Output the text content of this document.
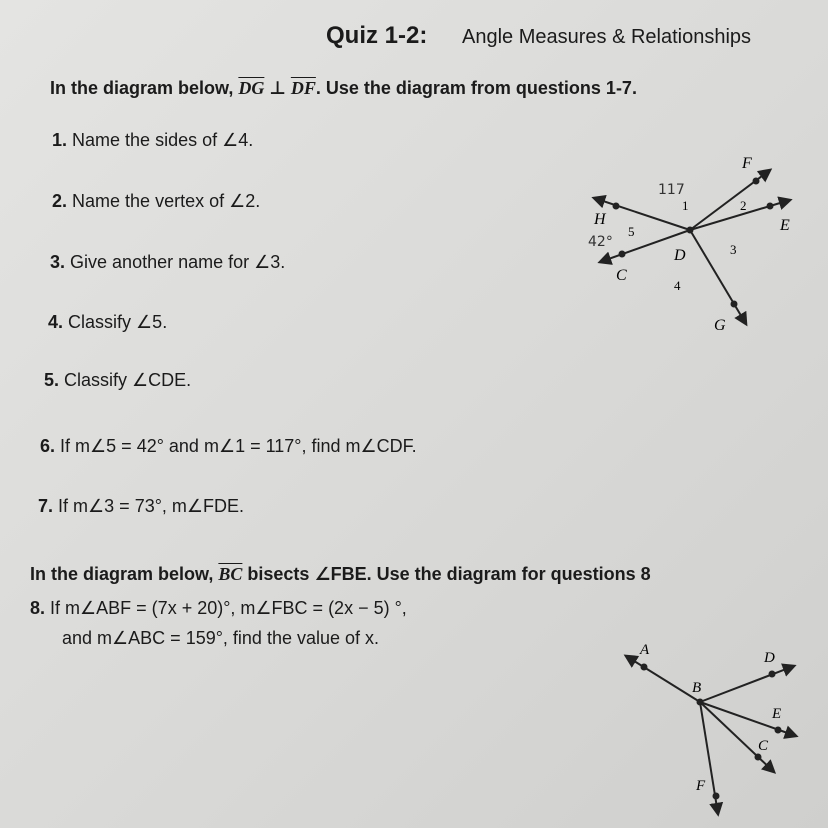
Quiz 1-2: Angle Measures & Relationships
In the diagram below, $\overline{DG}$ ⊥ $\overline{DF}$. Use the diagram from questions 1-7.
1. Name the sides of ∠4.
2. Name the vertex of ∠2.
3. Give another name for ∠3.
4. Classify ∠5.
5. Classify ∠CDE.
6. If m∠5 = 42° and m∠1 = 117°, find m∠CDF.
7. If m∠3 = 73°, m∠FDE.
In the diagram below, $\overline{BC}$ bisects ∠FBE. Use the diagram for questions 8
8. If m∠ABF = (7x + 20)°, m∠FBC = (2x − 5) °,
and m∠ABC = 159°, find the value of x.
F
H	E
D
C
G
1	2
3
4
5
117
42°
A	D
B
E
C
F
